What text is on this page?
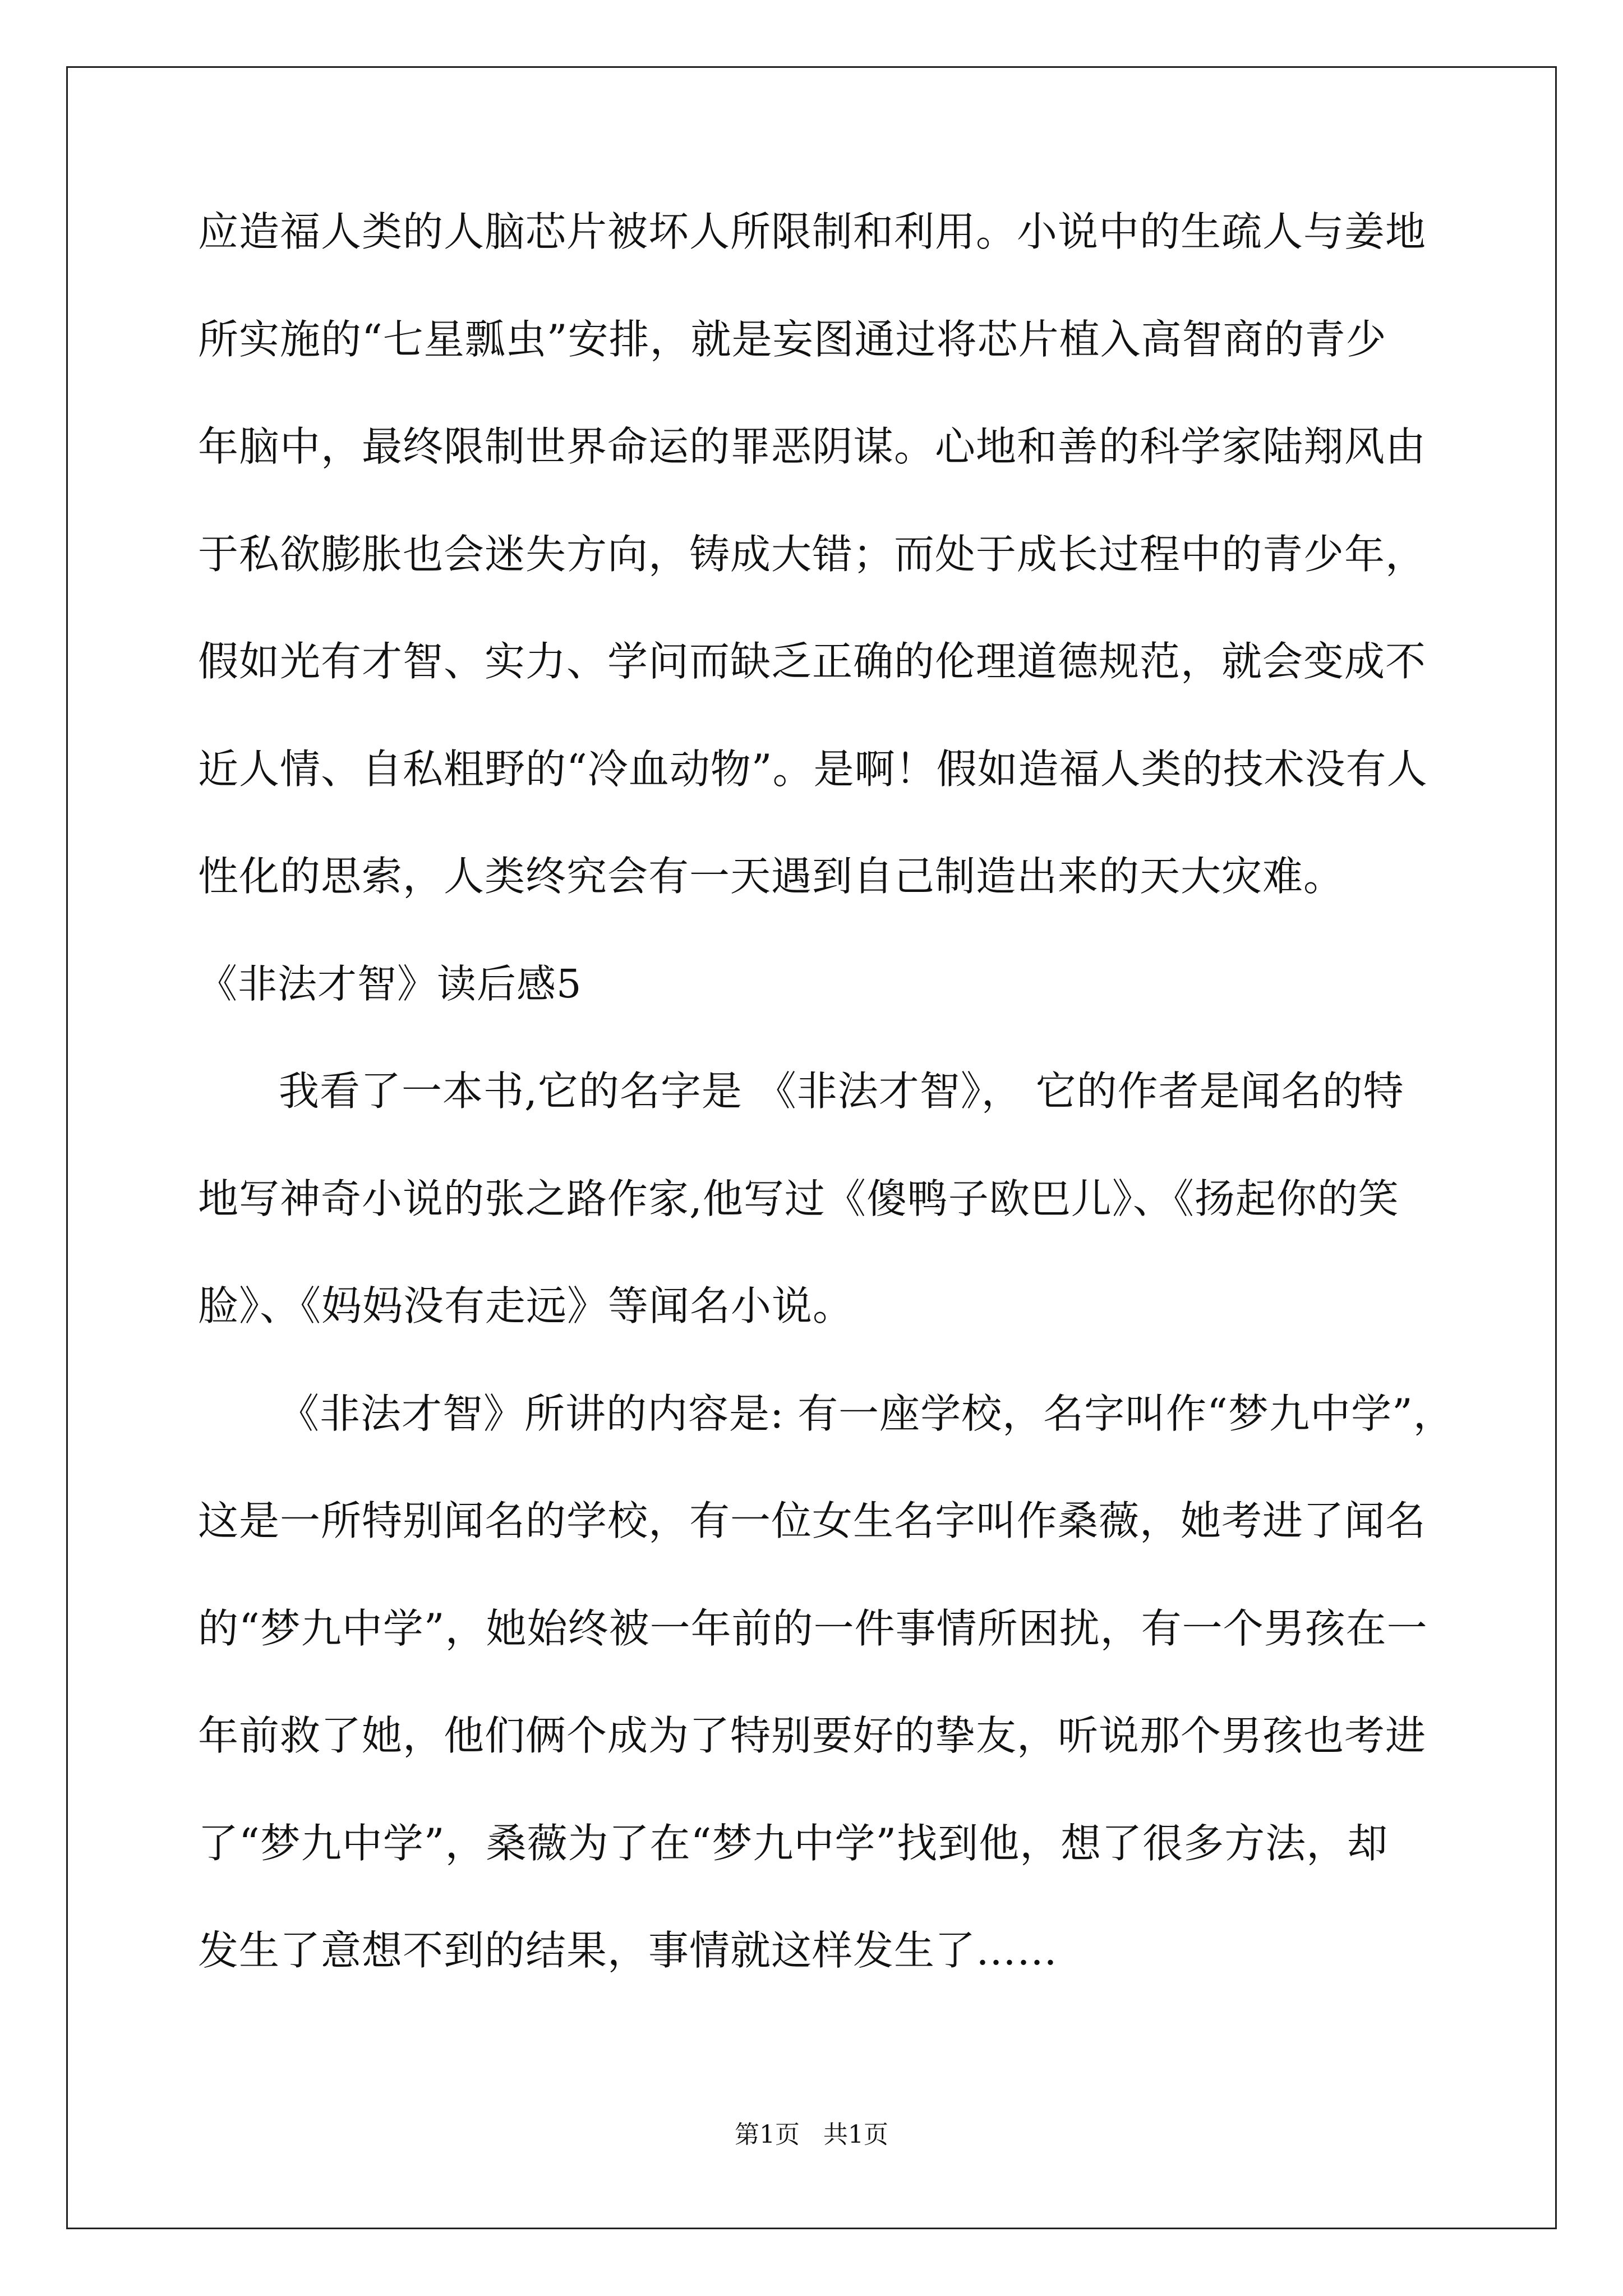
应造福人类的人脑芯片被坏人所限制和利用。小说中的生疏人与姜地
所实施的“七星瓢虫”安排，就是妄图通过将芯片植入高智商的青少
年脑中，最终限制世界命运的罪恶阴谋。心地和善的科学家陆翔风由
于私欲膨胀也会迷失方向，铸成大错；而处于成长过程中的青少年，
假如光有才智、实力、学问而缺乏正确的伦理道德规范，就会变成不
近人情、自私粗野的“冷血动物”。是啊！假如造福人类的技术没有人
性化的思索，人类终究会有一天遇到自己制造出来的天大灾难。
《非法才智》读后感5
我看了一本书,它的名字是 《非法才智》， 它的作者是闻名的特
地写神奇小说的张之路作家,他写过《傻鸭子欧巴儿》、《扬起你的笑
脸》、《妈妈没有走远》等闻名小说。
《非法才智》所讲的内容是: 有一座学校，名字叫作“梦九中学”，
这是一所特别闻名的学校，有一位女生名字叫作桑薇，她考进了闻名
的“梦九中学”，她始终被一年前的一件事情所困扰，有一个男孩在一
年前救了她，他们俩个成为了特别要好的挚友，听说那个男孩也考进
了“梦九中学”，桑薇为了在“梦九中学”找到他，想了很多方法，却
发生了意想不到的结果，事情就这样发生了……
第1页   共1页
